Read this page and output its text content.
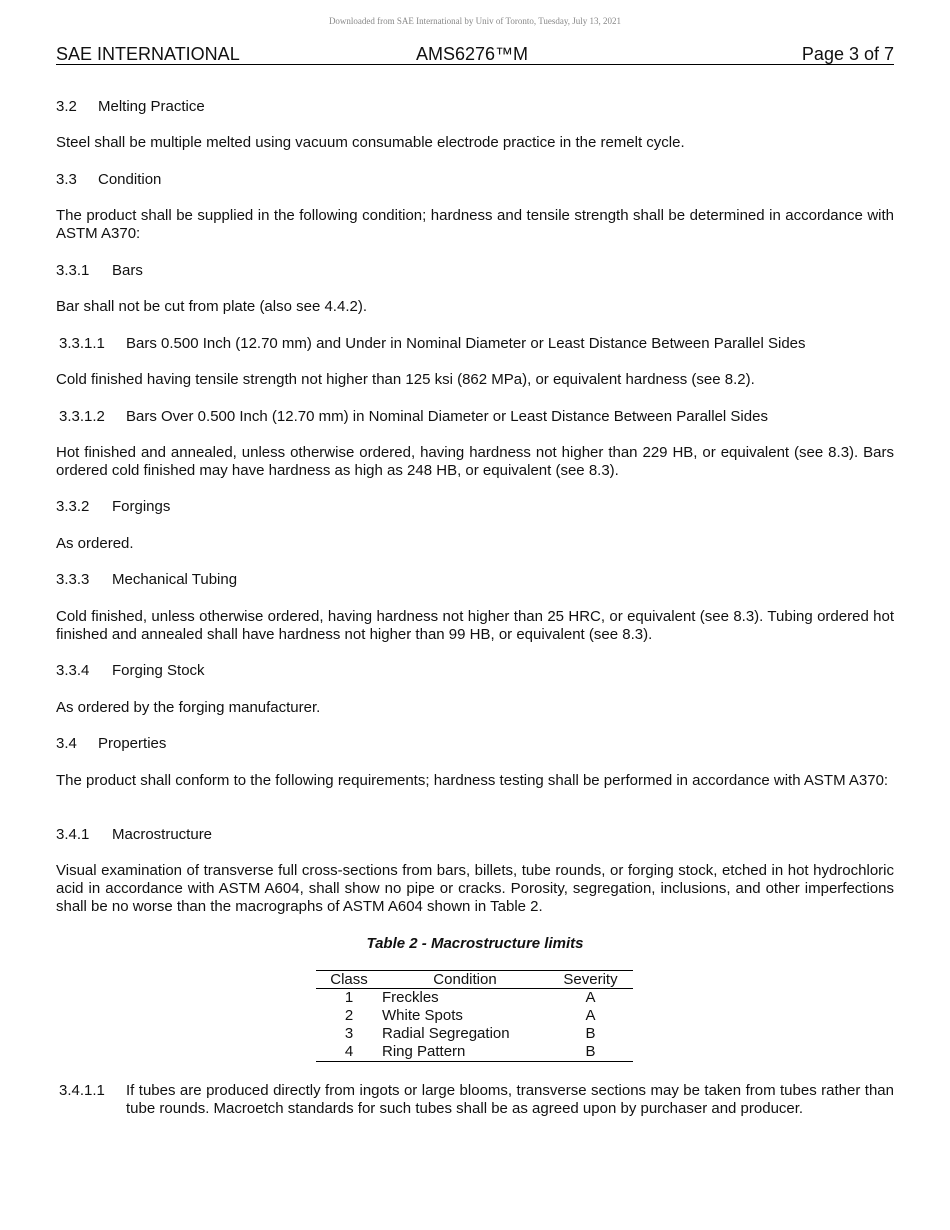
Downloaded from SAE International by Univ of Toronto, Tuesday, July 13, 2021
SAE INTERNATIONAL	AMS6276™M	Page 3 of 7
3.2 Melting Practice
Steel shall be multiple melted using vacuum consumable electrode practice in the remelt cycle.
3.3 Condition
The product shall be supplied in the following condition; hardness and tensile strength shall be determined in accordance with ASTM A370:
3.3.1 Bars
Bar shall not be cut from plate (also see 4.4.2).
3.3.1.1 Bars 0.500 Inch (12.70 mm) and Under in Nominal Diameter or Least Distance Between Parallel Sides
Cold finished having tensile strength not higher than 125 ksi (862 MPa), or equivalent hardness (see 8.2).
3.3.1.2 Bars Over 0.500 Inch (12.70 mm) in Nominal Diameter or Least Distance Between Parallel Sides
Hot finished and annealed, unless otherwise ordered, having hardness not higher than 229 HB, or equivalent (see 8.3). Bars ordered cold finished may have hardness as high as 248 HB, or equivalent (see 8.3).
3.3.2 Forgings
As ordered.
3.3.3 Mechanical Tubing
Cold finished, unless otherwise ordered, having hardness not higher than 25 HRC, or equivalent (see 8.3). Tubing ordered hot finished and annealed shall have hardness not higher than 99 HB, or equivalent (see 8.3).
3.3.4 Forging Stock
As ordered by the forging manufacturer.
3.4 Properties
The product shall conform to the following requirements; hardness testing shall be performed in accordance with ASTM A370:
3.4.1 Macrostructure
Visual examination of transverse full cross-sections from bars, billets, tube rounds, or forging stock, etched in hot hydrochloric acid in accordance with ASTM A604, shall show no pipe or cracks. Porosity, segregation, inclusions, and other imperfections shall be no worse than the macrographs of ASTM A604 shown in Table 2.
Table 2 - Macrostructure limits
Class	Condition	Severity
1	Freckles	A
2	White Spots	A
3	Radial Segregation	B
4	Ring Pattern	B
3.4.1.1 If tubes are produced directly from ingots or large blooms, transverse sections may be taken from tubes rather than tube rounds. Macroetch standards for such tubes shall be as agreed upon by purchaser and producer.
